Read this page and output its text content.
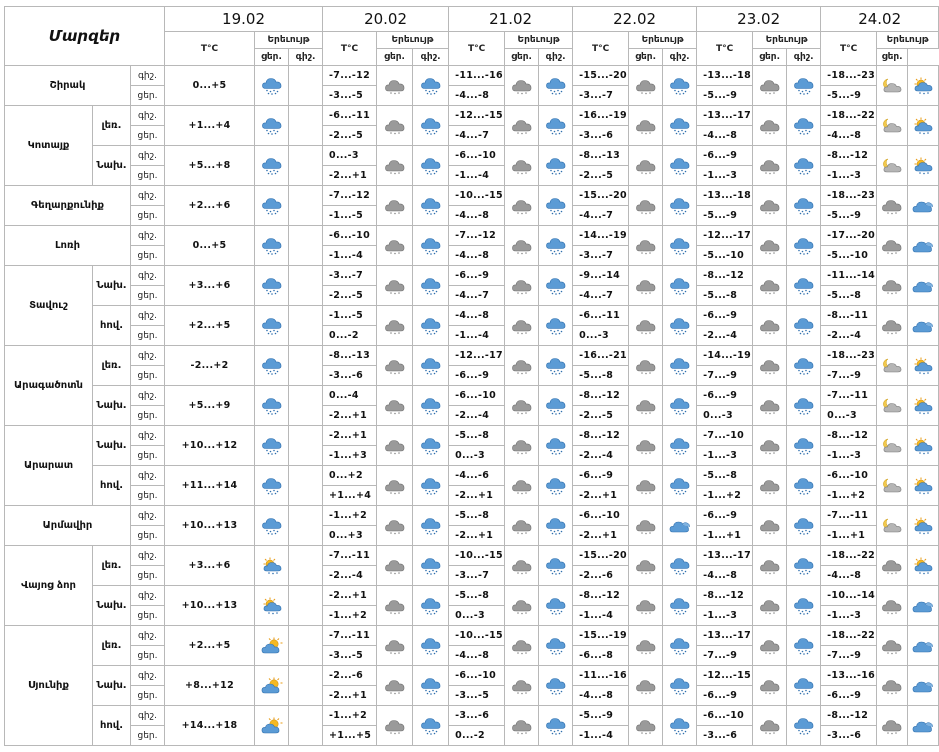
Մարզեր			19.02			20.02			21.02			22.02			23.02			24.02		
			T°C	Երեւույթ		T°C	Երեւույթ		T°C	Երեւույթ		T°C	Երեւույթ		T°C	Երեւույթ		T°C	Երեւույթ	
				ցեր.	գիշ.		ցեր.	գիշ.		ցեր.	գիշ.		ցեր.	գիշ.		ցեր.	գիշ.		ցեր.	
Շիրակ		գիշ.	0...+5			-7...-12			-11...-16			-15...-20			-13...-18			-18...-23	

		ցեր.				-3...-5			-4...-8			-3...-7			-5...-9			-5...-9		
Կոտայք	լեռ.	գիշ.	+1...+4			-6...-11			-12...-15			-16...-19			-13...-17			-18...-22	

		ցեր.				-2...-5			-4...-7			-3...-6			-4...-8			-4...-8		
	Նախ.	գիշ.	+5...+8			0...-3			-6...-10			-8...-13			-6...-9			-8...-12	

		ցեր.				-2...+1			-1...-4			-2...-5			-1...-3			-1...-3		
Գեղարքունիք		գիշ.	+2...+6			-7...-12			-10...-15			-15...-20			-13...-18			-18...-23	

		ցեր.				-1...-5			-4...-8			-4...-7			-5...-9			-5...-9		
Լոռի		գիշ.	0...+5			-6...-10			-7...-12			-14...-19			-12...-17			-17...-20	

		ցեր.				-1...-4			-4...-8			-3...-7			-5...-10			-5...-10		
Տավուշ	Նախ.	գիշ.	+3...+6			-3...-7			-6...-9			-9...-14			-8...-12			-11...-14	

		ցեր.				-2...-5			-4...-7			-4...-7			-5...-8			-5...-8		
	հով.	գիշ.	+2...+5			-1...-5			-4...-8			-6...-11			-6...-9			-8...-11	

		ցեր.				0...-2			-1...-4			0...-3			-2...-4			-2...-4		
Արագածոտն	լեռ.	գիշ.	-2...+2			-8...-13			-12...-17			-16...-21			-14...-19			-18...-23	

		ցեր.				-3...-6			-6...-9			-5...-8			-7...-9			-7...-9		
	Նախ.	գիշ.	+5...+9			0...-4			-6...-10			-8...-12			-6...-9			-7...-11	

		ցեր.				-2...+1			-2...-4			-2...-5			0...-3			0...-3		
Արարատ	Նախ.	գիշ.	+10...+12			-2...+1			-5...-8			-8...-12			-7...-10			-8...-12	

		ցեր.				-1...+3			0...-3			-2...-4			-1...-3			-1...-3		
	հով.	գիշ.	+11...+14			0...+2			-4...-6			-6...-9			-5...-8			-6...-10	

		ցեր.				+1...+4			-2...+1			-2...+1			-1...+2			-1...+2		
Արմավիր		գիշ.	+10...+13			-1...+2			-5...-8			-6...-10			-6...-9			-7...-11	

		ցեր.				0...+3			-2...+1			-2...+1			-1...+1			-1...+1		
Վայոց ձոր	լեռ.	գիշ.	+3...+6			-7...-11			-10...-15			-15...-20			-13...-17			-18...-22	

		ցեր.				-2...-4			-3...-7			-2...-6			-4...-8			-4...-8		
	Նախ.	գիշ.	+10...+13			-2...+1			-5...-8			-8...-12			-8...-12			-10...-14	

		ցեր.				-1...+2			0...-3			-1...-4			-1...-3			-1...-3		
Սյունիք	լեռ.	գիշ.	+2...+5			-7...-11			-10...-15			-15...-19			-13...-17			-18...-22	

		ցեր.				-3...-5			-4...-8			-6...-8			-7...-9			-7...-9		
	Նախ.	գիշ.	+8...+12			-2...-6			-6...-10			-11...-16			-12...-15			-13...-16	

		ցեր.				-2...+1			-3...-5			-4...-8			-6...-9			-6...-9		
	հով.	գիշ.	+14...+18			-1...+2			-3...-6			-5...-9			-6...-10			-8...-12	

		ցեր.				+1...+5			0...-2			-1...-4			-3...-6			-3...-6		
